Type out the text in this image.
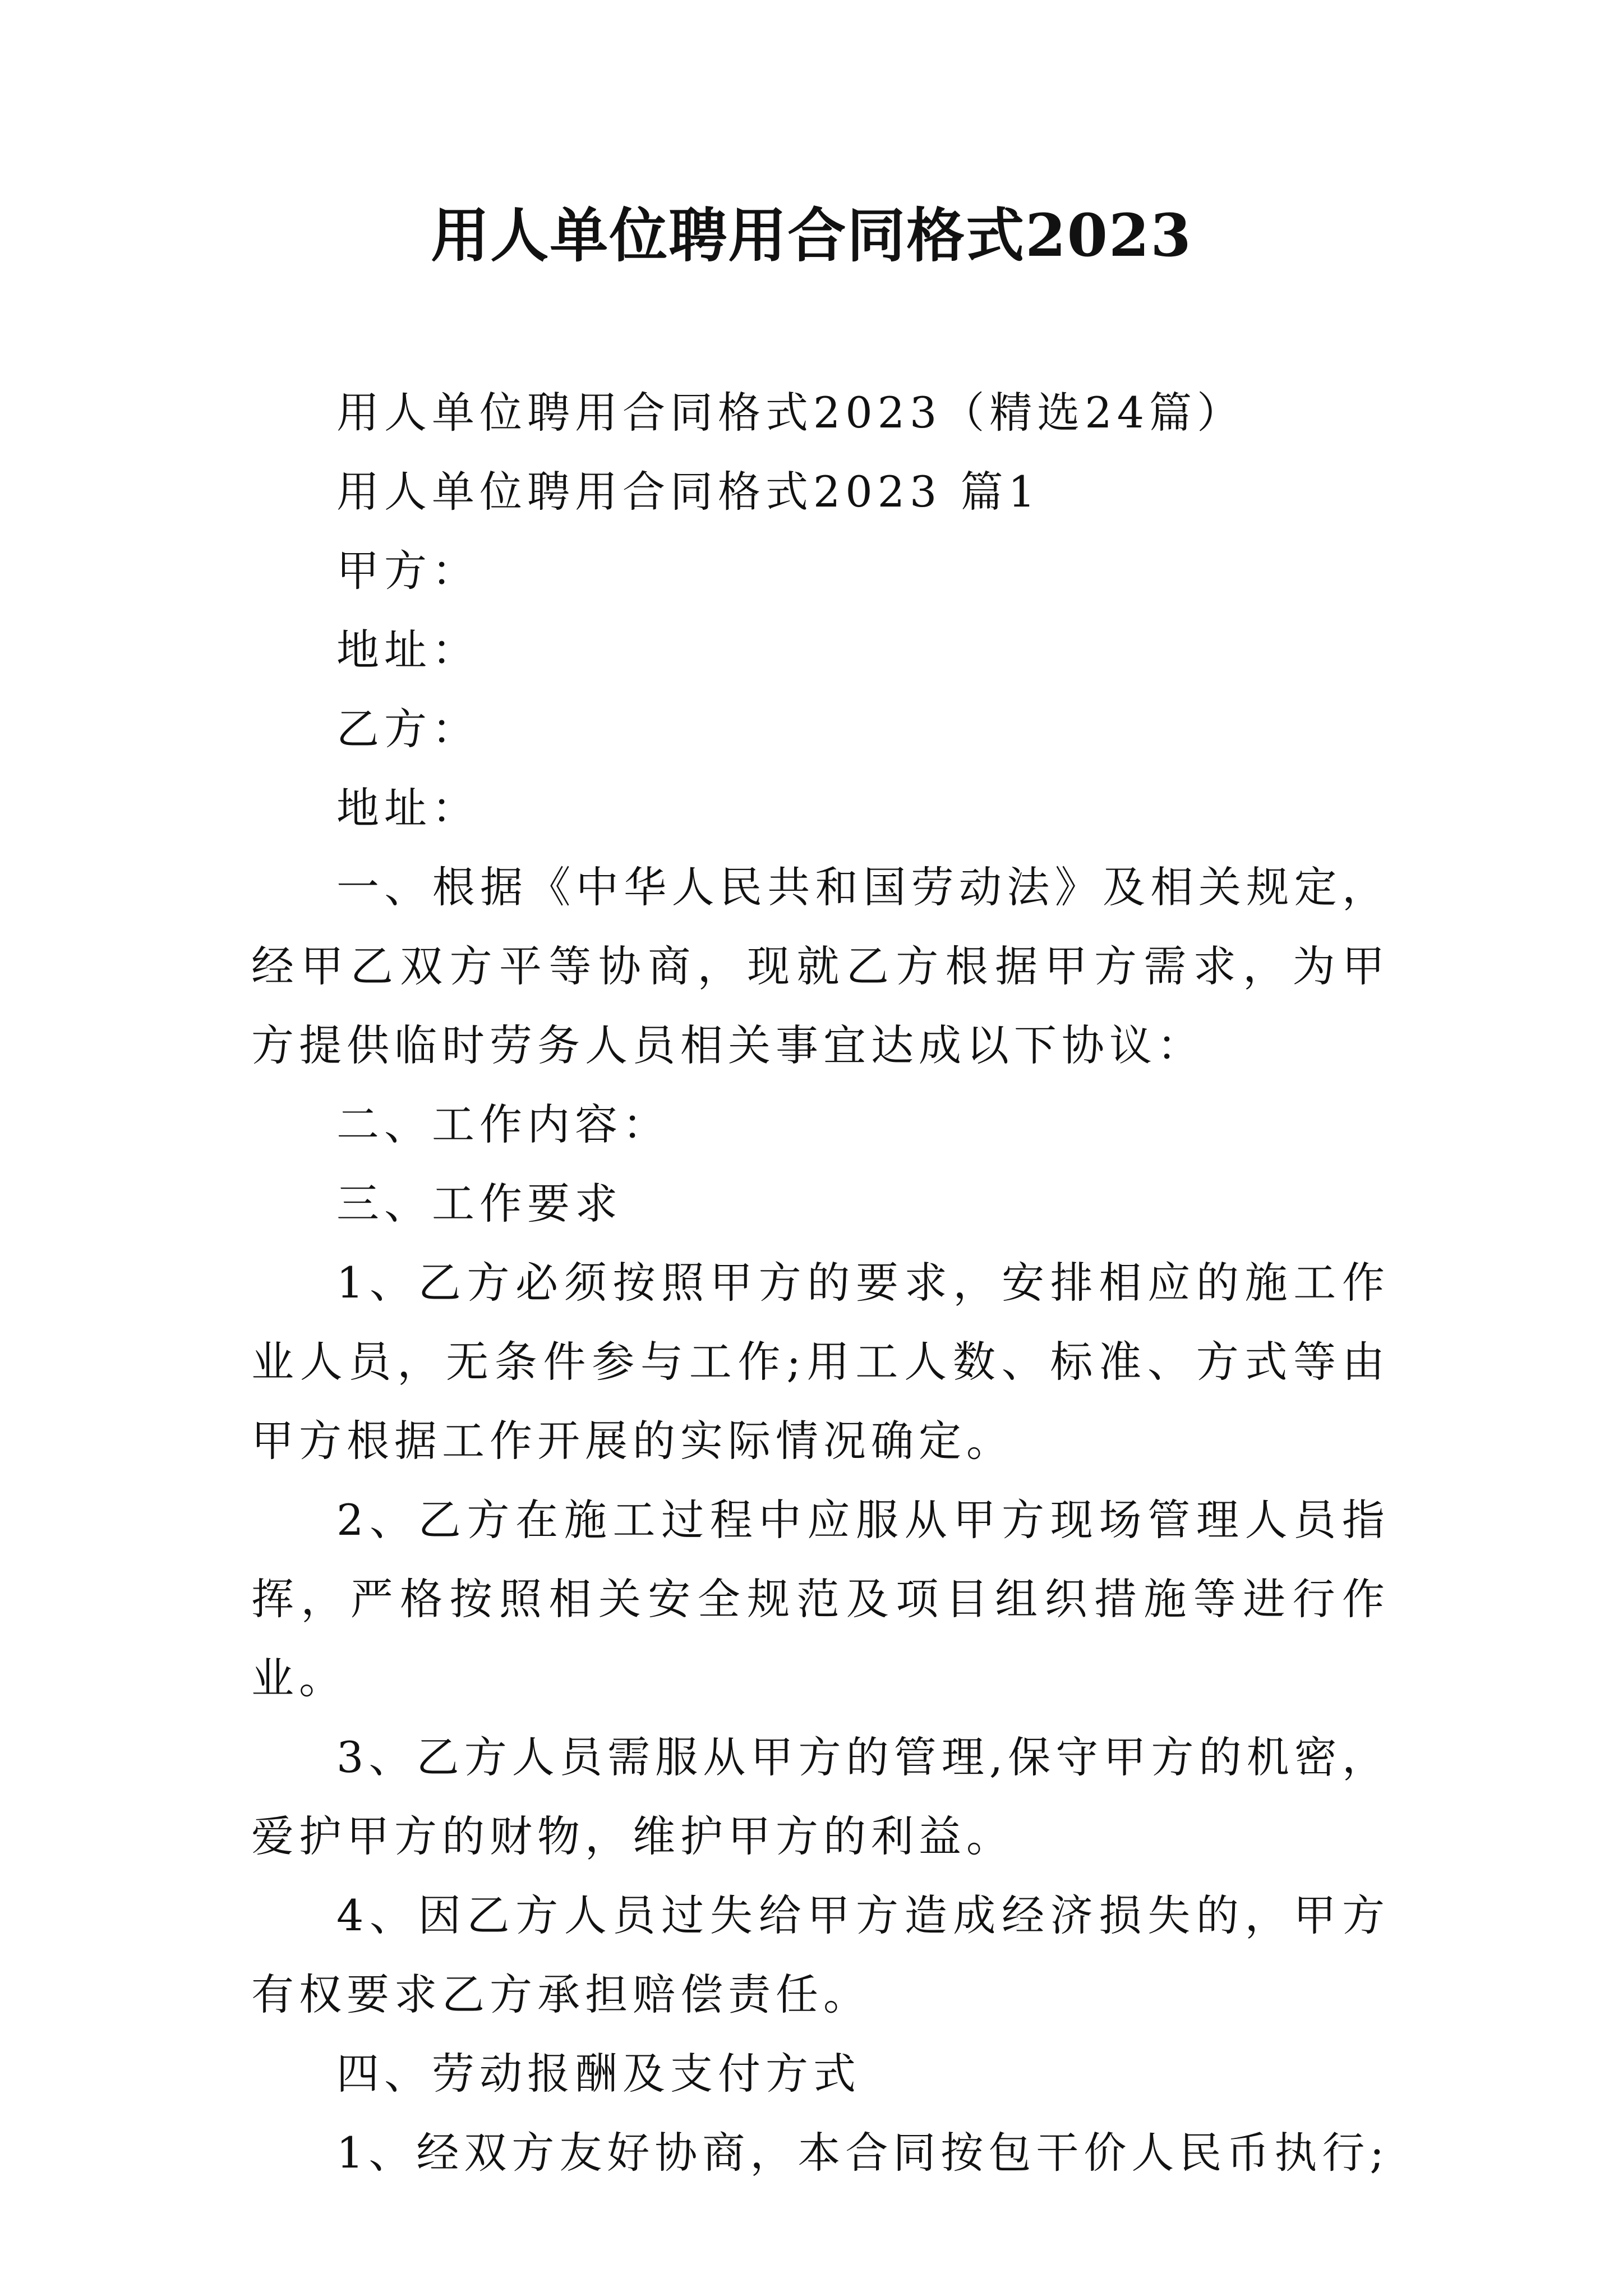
用人单位聘用合同格式2023

用人单位聘用合同格式2023（精选24篇）

用人单位聘用合同格式2023 篇1

甲方：

地址：

乙方：

地址：

一、根据《中华人民共和国劳动法》及相关规定，经甲乙双方平等协商，现就乙方根据甲方需求，为甲方提供临时劳务人员相关事宜达成以下协议：

二、工作内容：

三、工作要求

1、乙方必须按照甲方的要求，安排相应的施工作业人员，无条件参与工作;用工人数、标准、方式等由甲方根据工作开展的实际情况确定。

2、乙方在施工过程中应服从甲方现场管理人员指挥，严格按照相关安全规范及项目组织措施等进行作业。

3、乙方人员需服从甲方的管理,保守甲方的机密，爱护甲方的财物，维护甲方的利益。

4、因乙方人员过失给甲方造成经济损失的，甲方有权要求乙方承担赔偿责任。

四、劳动报酬及支付方式

1、经双方友好协商，本合同按包干价人民币执行;
